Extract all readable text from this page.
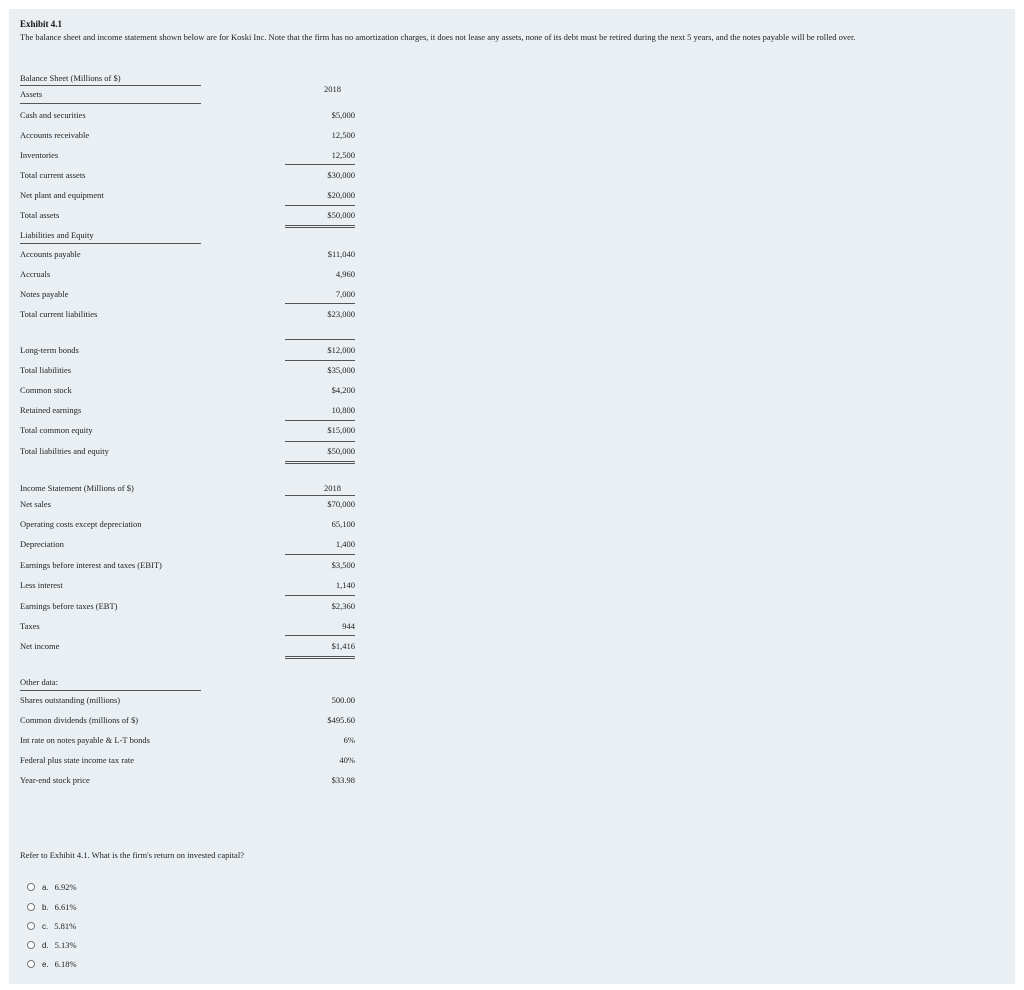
Exhibit 4.1
The balance sheet and income statement shown below are for Koski Inc. Note that the firm has no amortization charges, it does not lease any assets, none of its debt must be retired during the next 5 years, and the notes payable will be rolled over.
Balance Sheet (Millions of $)
Assets	2018
Cash and securities	$5,000
Accounts receivable	12,500
Inventories	12,500
Total current assets	$30,000
Net plant and equipment	$20,000
Total assets	$50,000
Liabilities and Equity
Accounts payable	$11,040
Accruals	4,960
Notes payable	7,000
Total current liabilities	$23,000
Long-term bonds	$12,000
Total liabilities	$35,000
Common stock	$4,200
Retained earnings	10,800
Total common equity	$15,000
Total liabilities and equity	$50,000
Income Statement (Millions of $)	2018
Net sales	$70,000
Operating costs except depreciation	65,100
Depreciation	1,400
Earnings before interest and taxes (EBIT)	$3,500
Less interest	1,140
Earnings before taxes (EBT)	$2,360
Taxes	944
Net income	$1,416
Other data:
Shares outstanding (millions)	500.00
Common dividends (millions of $)	$495.60
Int rate on notes payable & L-T bonds	6%
Federal plus state income tax rate	40%
Year-end stock price	$33.98
Refer to Exhibit 4.1. What is the firm's return on invested capital?
a. 6.92%
b. 6.61%
c. 5.81%
d. 5.13%
e. 6.18%
